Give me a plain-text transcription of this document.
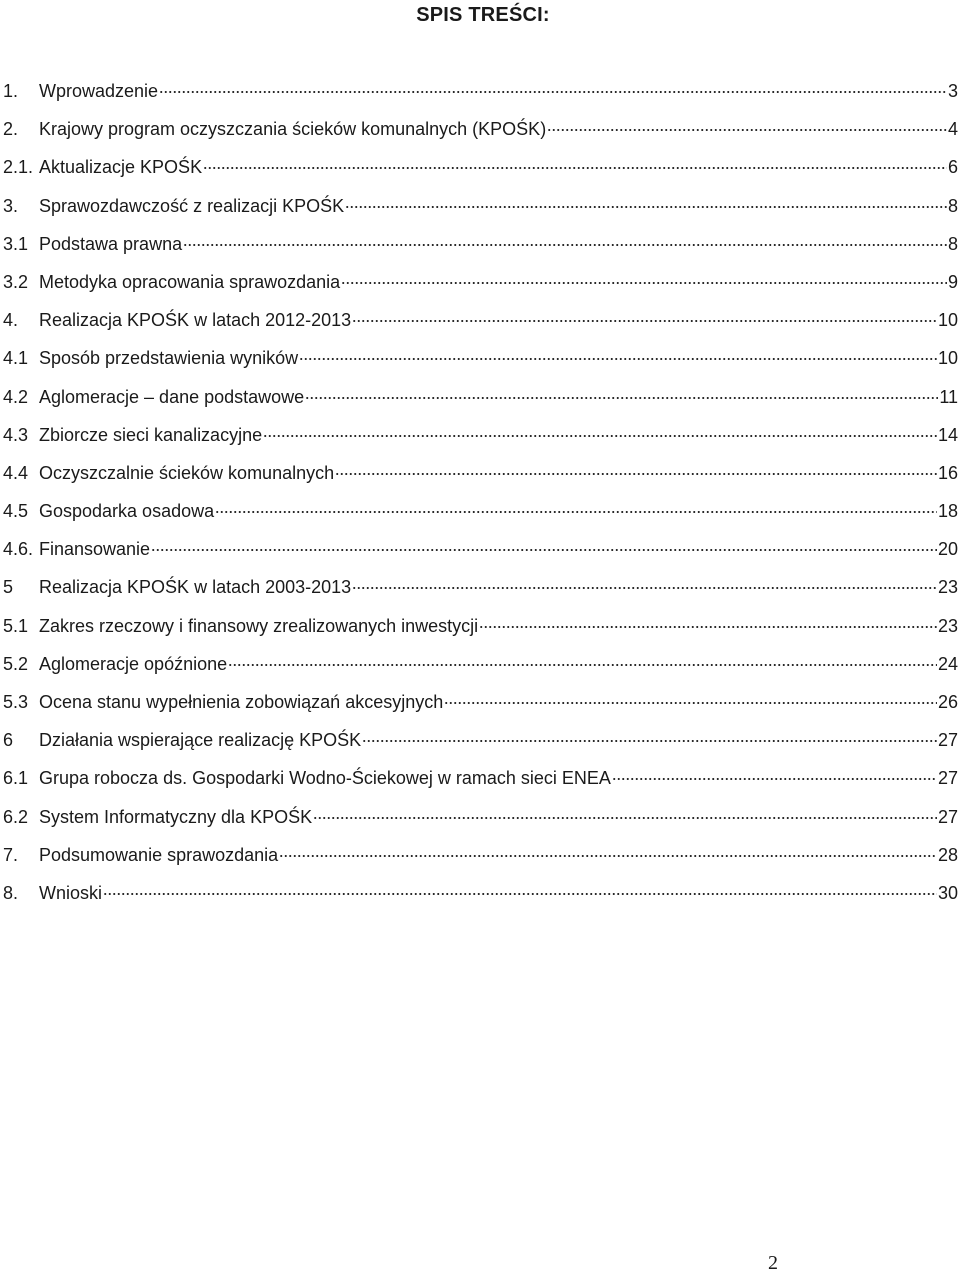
SPIS TREŚCI:
1.	Wprowadzenie	3
2.	Krajowy program oczyszczania ścieków komunalnych (KPOŚK)	4
2.1. Aktualizacje KPOŚK	6
3.	Sprawozdawczość z realizacji KPOŚK	8
3.1 Podstawa prawna	8
3.2 Metodyka opracowania sprawozdania	9
4.	Realizacja KPOŚK w latach 2012-2013	10
4.1 Sposób przedstawienia wyników	10
4.2 Aglomeracje – dane podstawowe	11
4.3 Zbiorcze sieci kanalizacyjne	14
4.4 Oczyszczalnie ścieków komunalnych	16
4.5 Gospodarka osadowa	18
4.6. Finansowanie	20
5	Realizacja KPOŚK w latach 2003-2013	23
5.1 Zakres rzeczowy i finansowy zrealizowanych inwestycji	23
5.2 Aglomeracje opóźnione	24
5.3 Ocena stanu wypełnienia zobowiązań akcesyjnych	26
6	Działania wspierające realizację KPOŚK	27
6.1 Grupa robocza ds. Gospodarki Wodno-Ściekowej w ramach sieci ENEA	27
6.2 System Informatyczny dla KPOŚK	27
7.	Podsumowanie sprawozdania	28
8.	Wnioski	30
2
